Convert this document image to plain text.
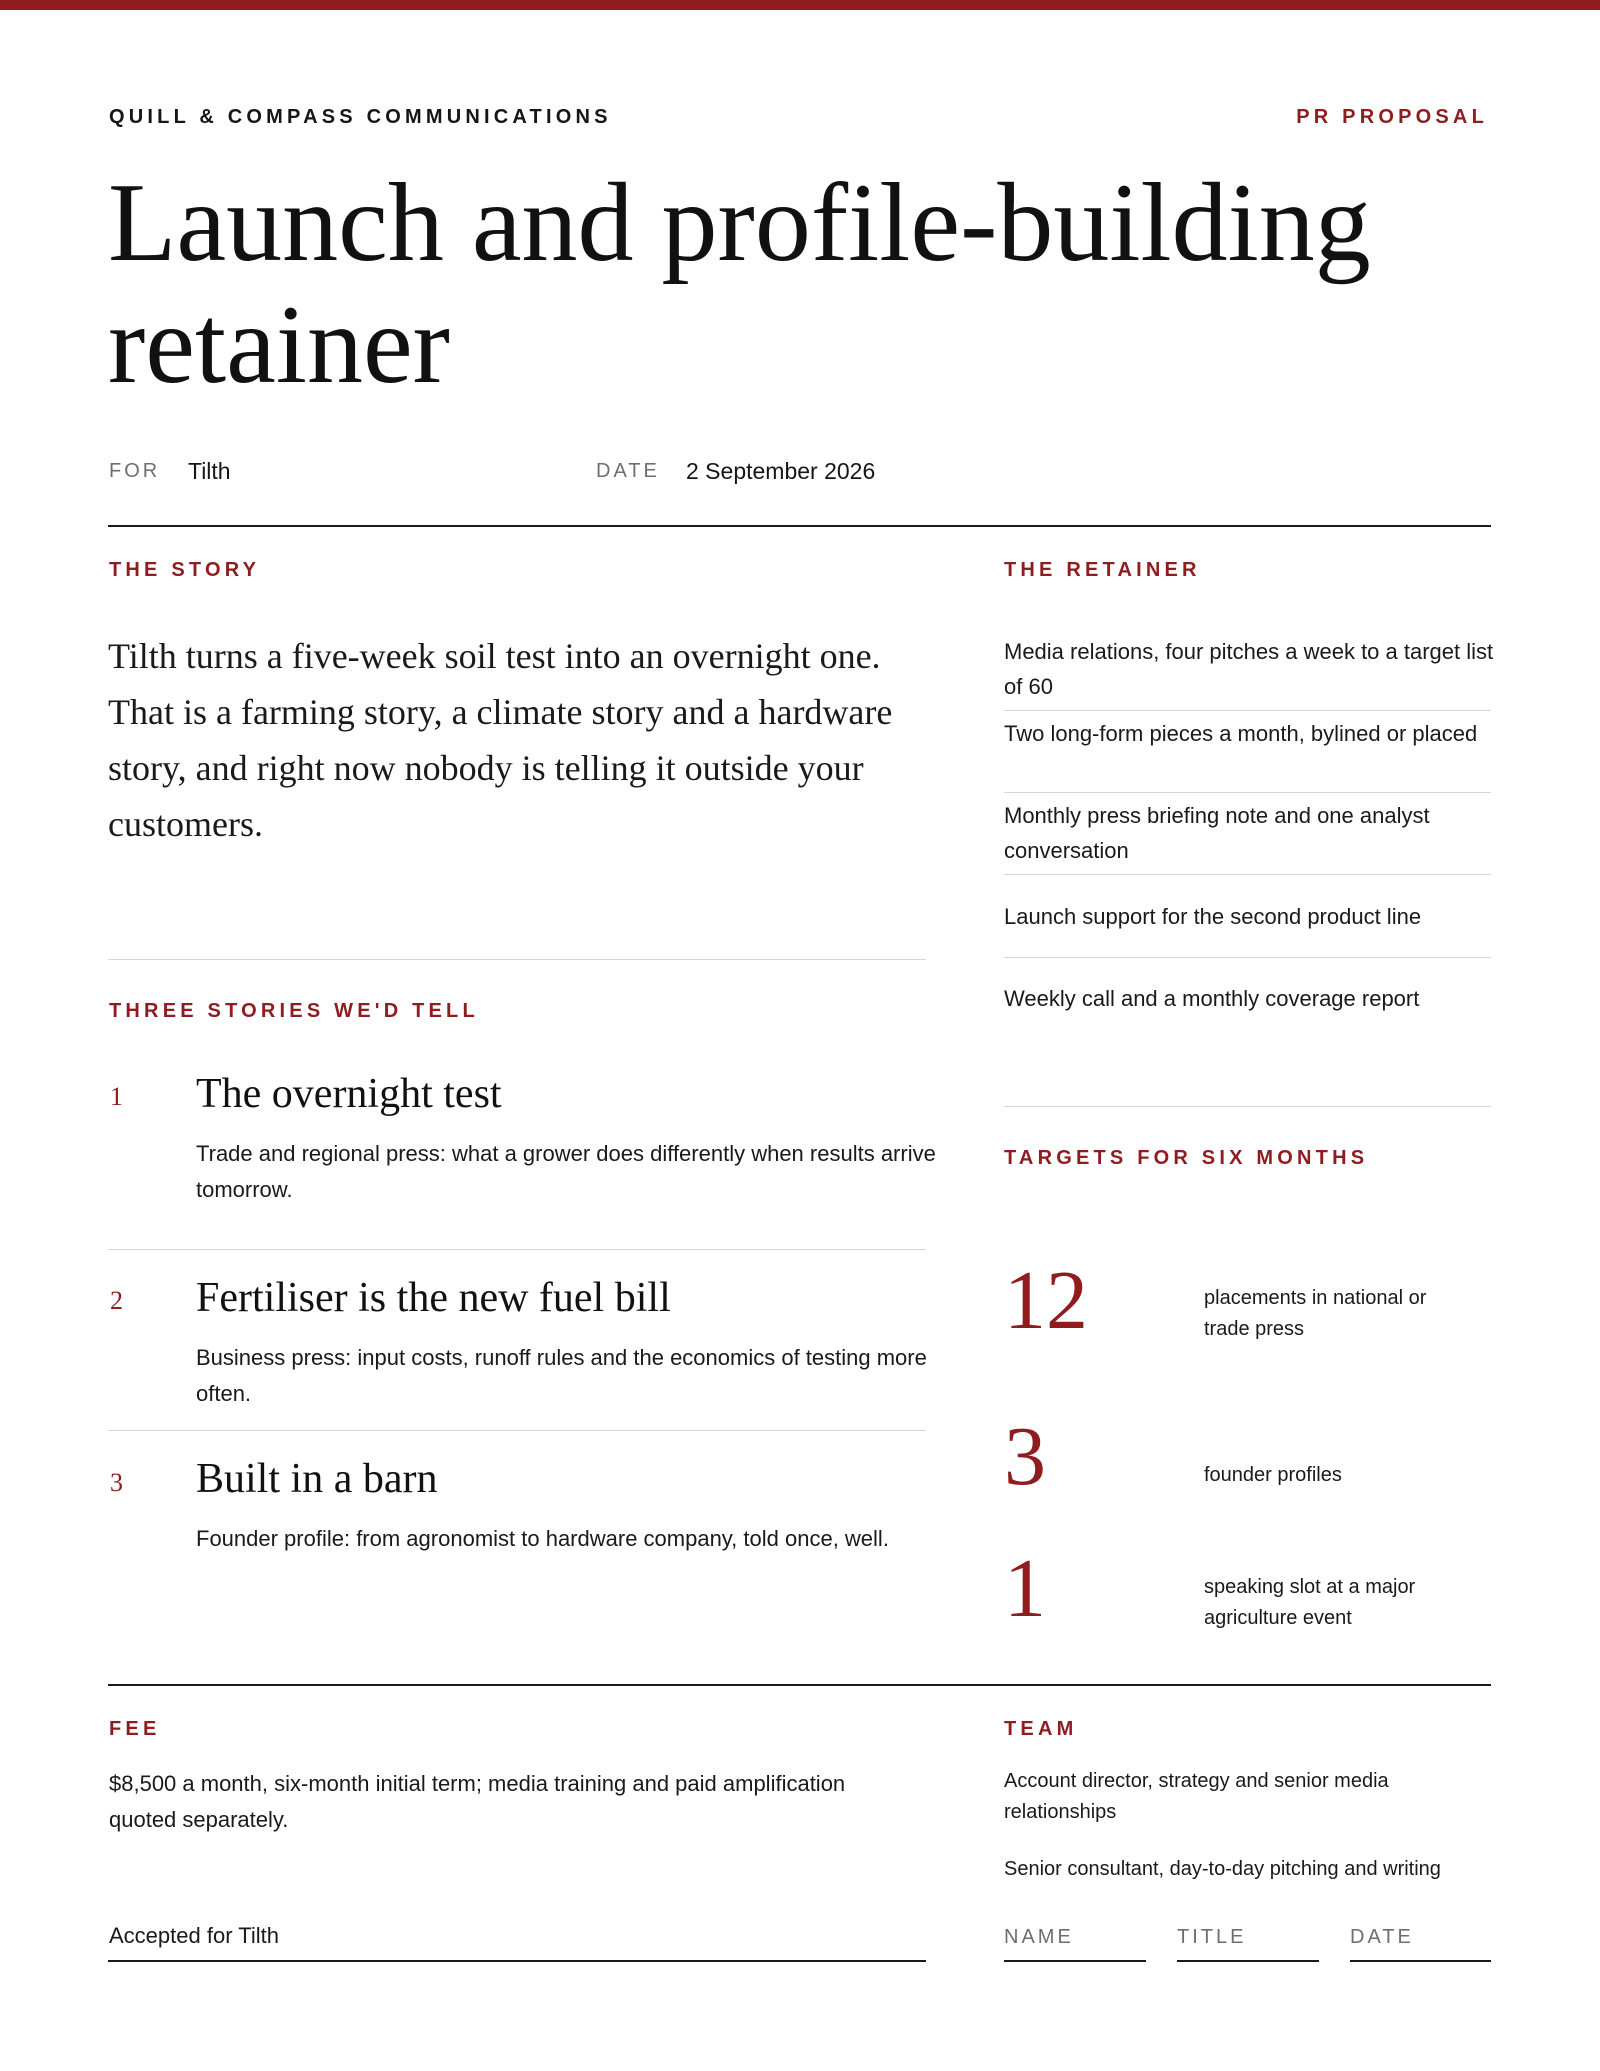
QUILL & COMPASS COMMUNICATIONS	PR PROPOSAL
Launch and profile-building
retainer
FOR Tilth	DATE 2 September 2026
THE STORY
Tilth turns a five-week soil test into an overnight one. That is a farming story, a climate story and a hardware story, and right now nobody is telling it outside your customers.
THREE STORIES WE'D TELL
1 The overnight test
Trade and regional press: what a grower does differently when results arrive tomorrow.
2 Fertiliser is the new fuel bill
Business press: input costs, runoff rules and the economics of testing more often.
3 Built in a barn
Founder profile: from agronomist to hardware company, told once, well.
THE RETAINER
Media relations, four pitches a week to a target list of 60
Two long-form pieces a month, bylined or placed
Monthly press briefing note and one analyst conversation
Launch support for the second product line
Weekly call and a monthly coverage report
TARGETS FOR SIX MONTHS
12	placements in national or trade press
3	founder profiles
1	speaking slot at a major agriculture event
FEE
$8,500 a month, six-month initial term; media training and paid amplification quoted separately.
Accepted for Tilth
TEAM
Account director, strategy and senior media relationships
Senior consultant, day-to-day pitching and writing
NAME	TITLE	DATE
